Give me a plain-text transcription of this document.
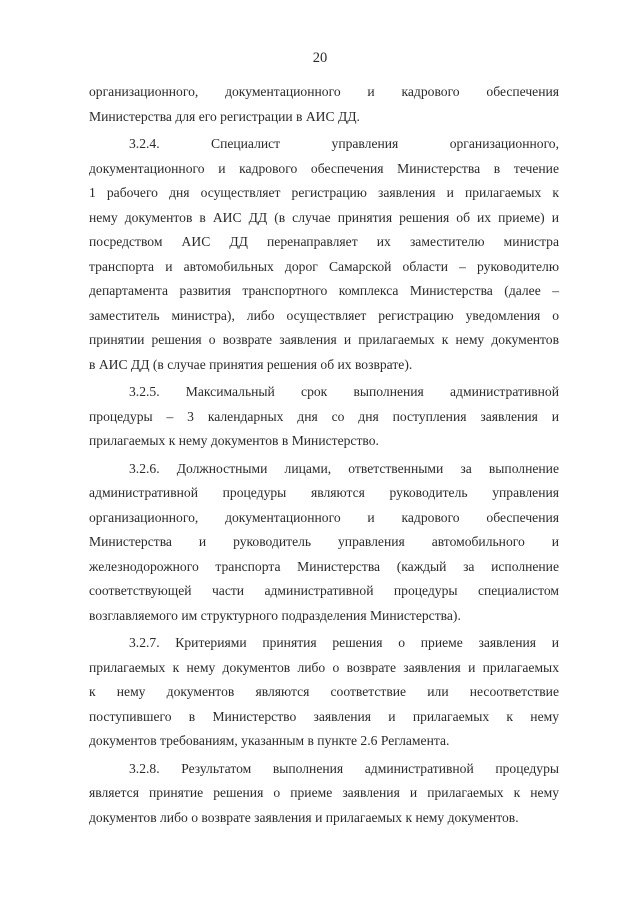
20
организационного, документационного и кадрового обеспечения
Министерства для его регистрации в АИС ДД.
3.2.4. Специалист управления организационного,
документационного и кадрового обеспечения Министерства в течение
1 рабочего дня осуществляет регистрацию заявления и прилагаемых к
нему документов в АИС ДД (в случае принятия решения об их приеме) и
посредством АИС ДД перенаправляет их заместителю министра
транспорта и автомобильных дорог Самарской области – руководителю
департамента развития транспортного комплекса Министерства (далее –
заместитель министра), либо осуществляет регистрацию уведомления о
принятии решения о возврате заявления и прилагаемых к нему документов
в АИС ДД (в случае принятия решения об их возврате).
3.2.5. Максимальный срок выполнения административной
процедуры – 3 календарных дня со дня поступления заявления и
прилагаемых к нему документов в Министерство.
3.2.6. Должностными лицами, ответственными за выполнение
административной процедуры являются руководитель управления
организационного, документационного и кадрового обеспечения
Министерства и руководитель управления автомобильного и
железнодорожного транспорта Министерства (каждый за исполнение
соответствующей части административной процедуры специалистом
возглавляемого им структурного подразделения Министерства).
3.2.7. Критериями принятия решения о приеме заявления и
прилагаемых к нему документов либо о возврате заявления и прилагаемых
к нему документов являются соответствие или несоответствие
поступившего в Министерство заявления и прилагаемых к нему
документов требованиям, указанным в пункте 2.6 Регламента.
3.2.8. Результатом выполнения административной процедуры
является принятие решения о приеме заявления и прилагаемых к нему
документов либо о возврате заявления и прилагаемых к нему документов.
